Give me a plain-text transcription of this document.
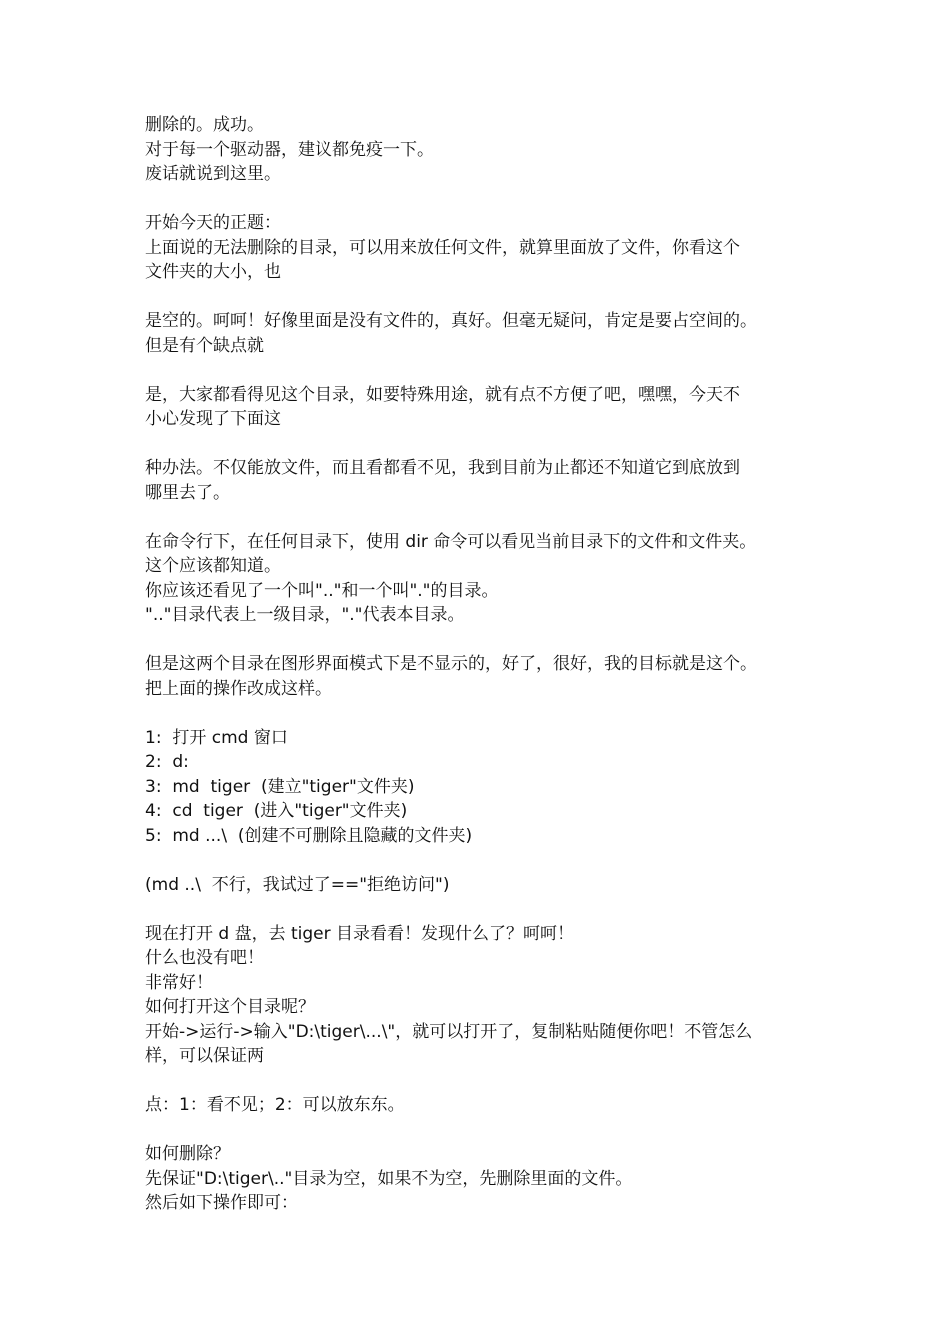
删除的。成功。
对于每一个驱动器，建议都免疫一下。
废话就说到这里。
开始今天的正题：
上面说的无法删除的目录，可以用来放任何文件，就算里面放了文件，你看这个
文件夹的大小，也
是空的。呵呵！好像里面是没有文件的，真好。但毫无疑问，肯定是要占空间的。
但是有个缺点就
是，大家都看得见这个目录，如要特殊用途，就有点不方便了吧，嘿嘿，今天不
小心发现了下面这
种办法。不仅能放文件，而且看都看不见，我到目前为止都还不知道它到底放到
哪里去了。
在命令行下，在任何目录下，使用 dir 命令可以看见当前目录下的文件和文件夹。
这个应该都知道。
你应该还看见了一个叫".."和一个叫"."的目录。
".."目录代表上一级目录，"."代表本目录。
但是这两个目录在图形界面模式下是不显示的，好了，很好，我的目标就是这个。
把上面的操作改成这样。
1:  打开 cmd 窗口
2:  d:
3:  md  tiger  (建立"tiger"文件夹)
4:  cd  tiger  (进入"tiger"文件夹)
5:  md ...\  (创建不可删除且隐藏的文件夹)
(md ..\  不行，我试过了=="拒绝访问")
现在打开 d 盘，去 tiger 目录看看！发现什么了？呵呵！
什么也没有吧！
非常好！
如何打开这个目录呢？
开始->运行->输入"D:\tiger\...\"，就可以打开了，复制粘贴随便你吧！不管怎么
样，可以保证两
点：1：看不见；2：可以放东东。
如何删除？
先保证"D:\tiger\.."目录为空，如果不为空，先删除里面的文件。
然后如下操作即可：
